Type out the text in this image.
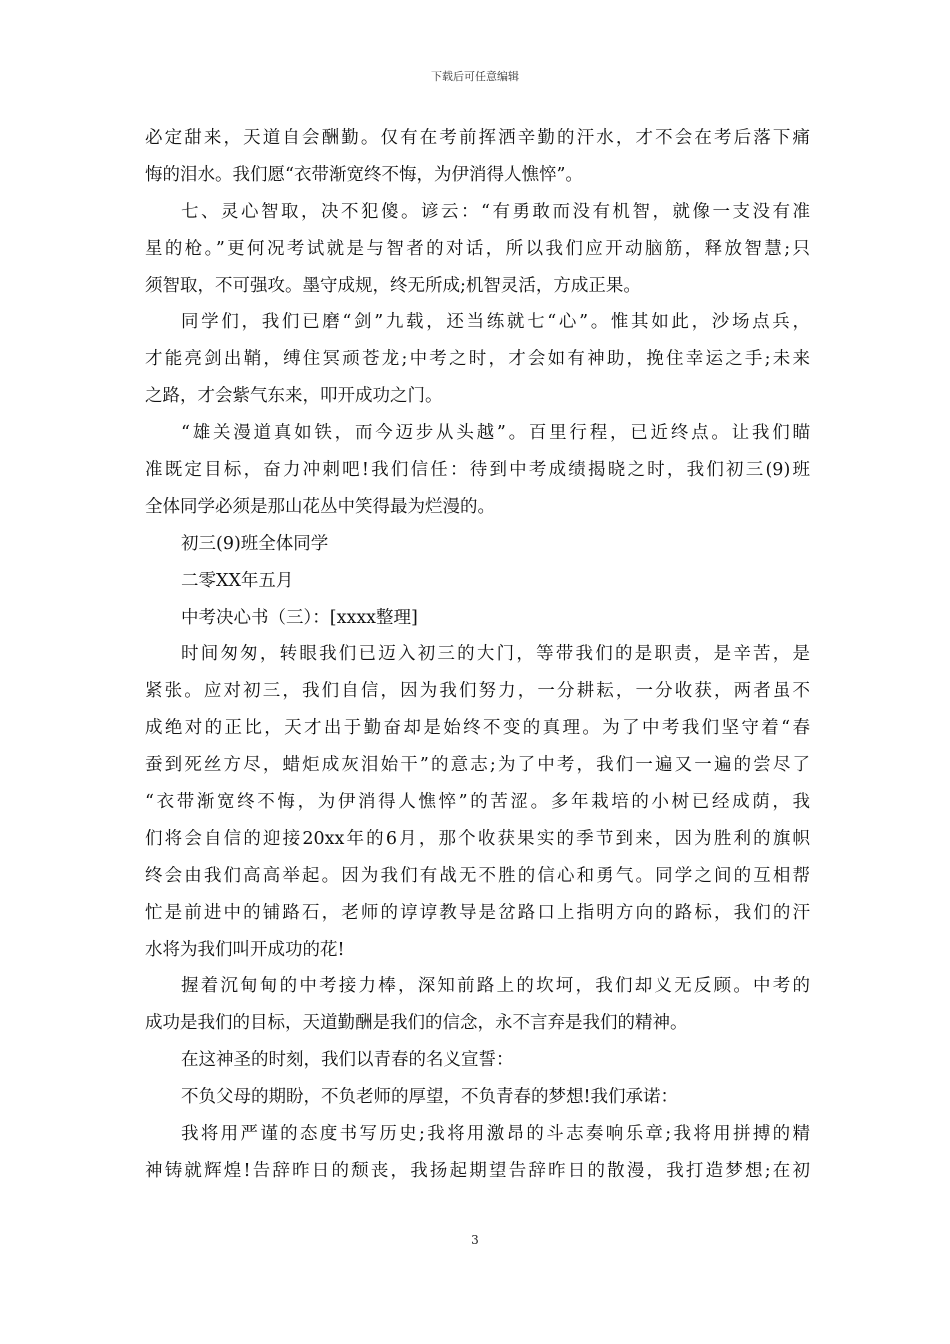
下载后可任意编辑
必定甜来，天道自会酬勤。仅有在考前挥洒辛勤的汗水，才不会在考后落下痛
悔的泪水。我们愿“衣带渐宽终不悔，为伊消得人憔悴”。
七、灵心智取，决不犯傻。谚云：“有勇敢而没有机智，就像一支没有准
星的枪。”更何况考试就是与智者的对话，所以我们应开动脑筋，释放智慧;只
须智取，不可强攻。墨守成规，终无所成;机智灵活，方成正果。
同学们，我们已磨“剑”九载，还当练就七“心”。惟其如此，沙场点兵，
才能亮剑出鞘，缚住冥顽苍龙;中考之时，才会如有神助，挽住幸运之手;未来
之路，才会紫气东来，叩开成功之门。
“雄关漫道真如铁，而今迈步从头越”。百里行程，已近终点。让我们瞄
准既定目标，奋力冲刺吧!我们信任：待到中考成绩揭晓之时，我们初三(9)班
全体同学必须是那山花丛中笑得最为烂漫的。
初三(9)班全体同学
二零XX年五月
中考决心书（三）：[xxxx整理]
时间匆匆，转眼我们已迈入初三的大门，等带我们的是职责，是辛苦，是
紧张。应对初三，我们自信，因为我们努力，一分耕耘，一分收获，两者虽不
成绝对的正比，天才出于勤奋却是始终不变的真理。为了中考我们坚守着“春
蚕到死丝方尽，蜡炬成灰泪始干”的意志;为了中考，我们一遍又一遍的尝尽了
“衣带渐宽终不悔，为伊消得人憔悴”的苦涩。多年栽培的小树已经成荫，我
们将会自信的迎接20xx年的6月，那个收获果实的季节到来，因为胜利的旗帜
终会由我们高高举起。因为我们有战无不胜的信心和勇气。同学之间的互相帮
忙是前进中的铺路石，老师的谆谆教导是岔路口上指明方向的路标，我们的汗
水将为我们叫开成功的花!
握着沉甸甸的中考接力棒，深知前路上的坎坷，我们却义无反顾。中考的
成功是我们的目标，天道勤酬是我们的信念，永不言弃是我们的精神。
在这神圣的时刻，我们以青春的名义宣誓：
不负父母的期盼，不负老师的厚望，不负青春的梦想!我们承诺：
我将用严谨的态度书写历史;我将用激昂的斗志奏响乐章;我将用拼搏的精
神铸就辉煌!告辞昨日的颓丧，我扬起期望告辞昨日的散漫，我打造梦想;在初
3
